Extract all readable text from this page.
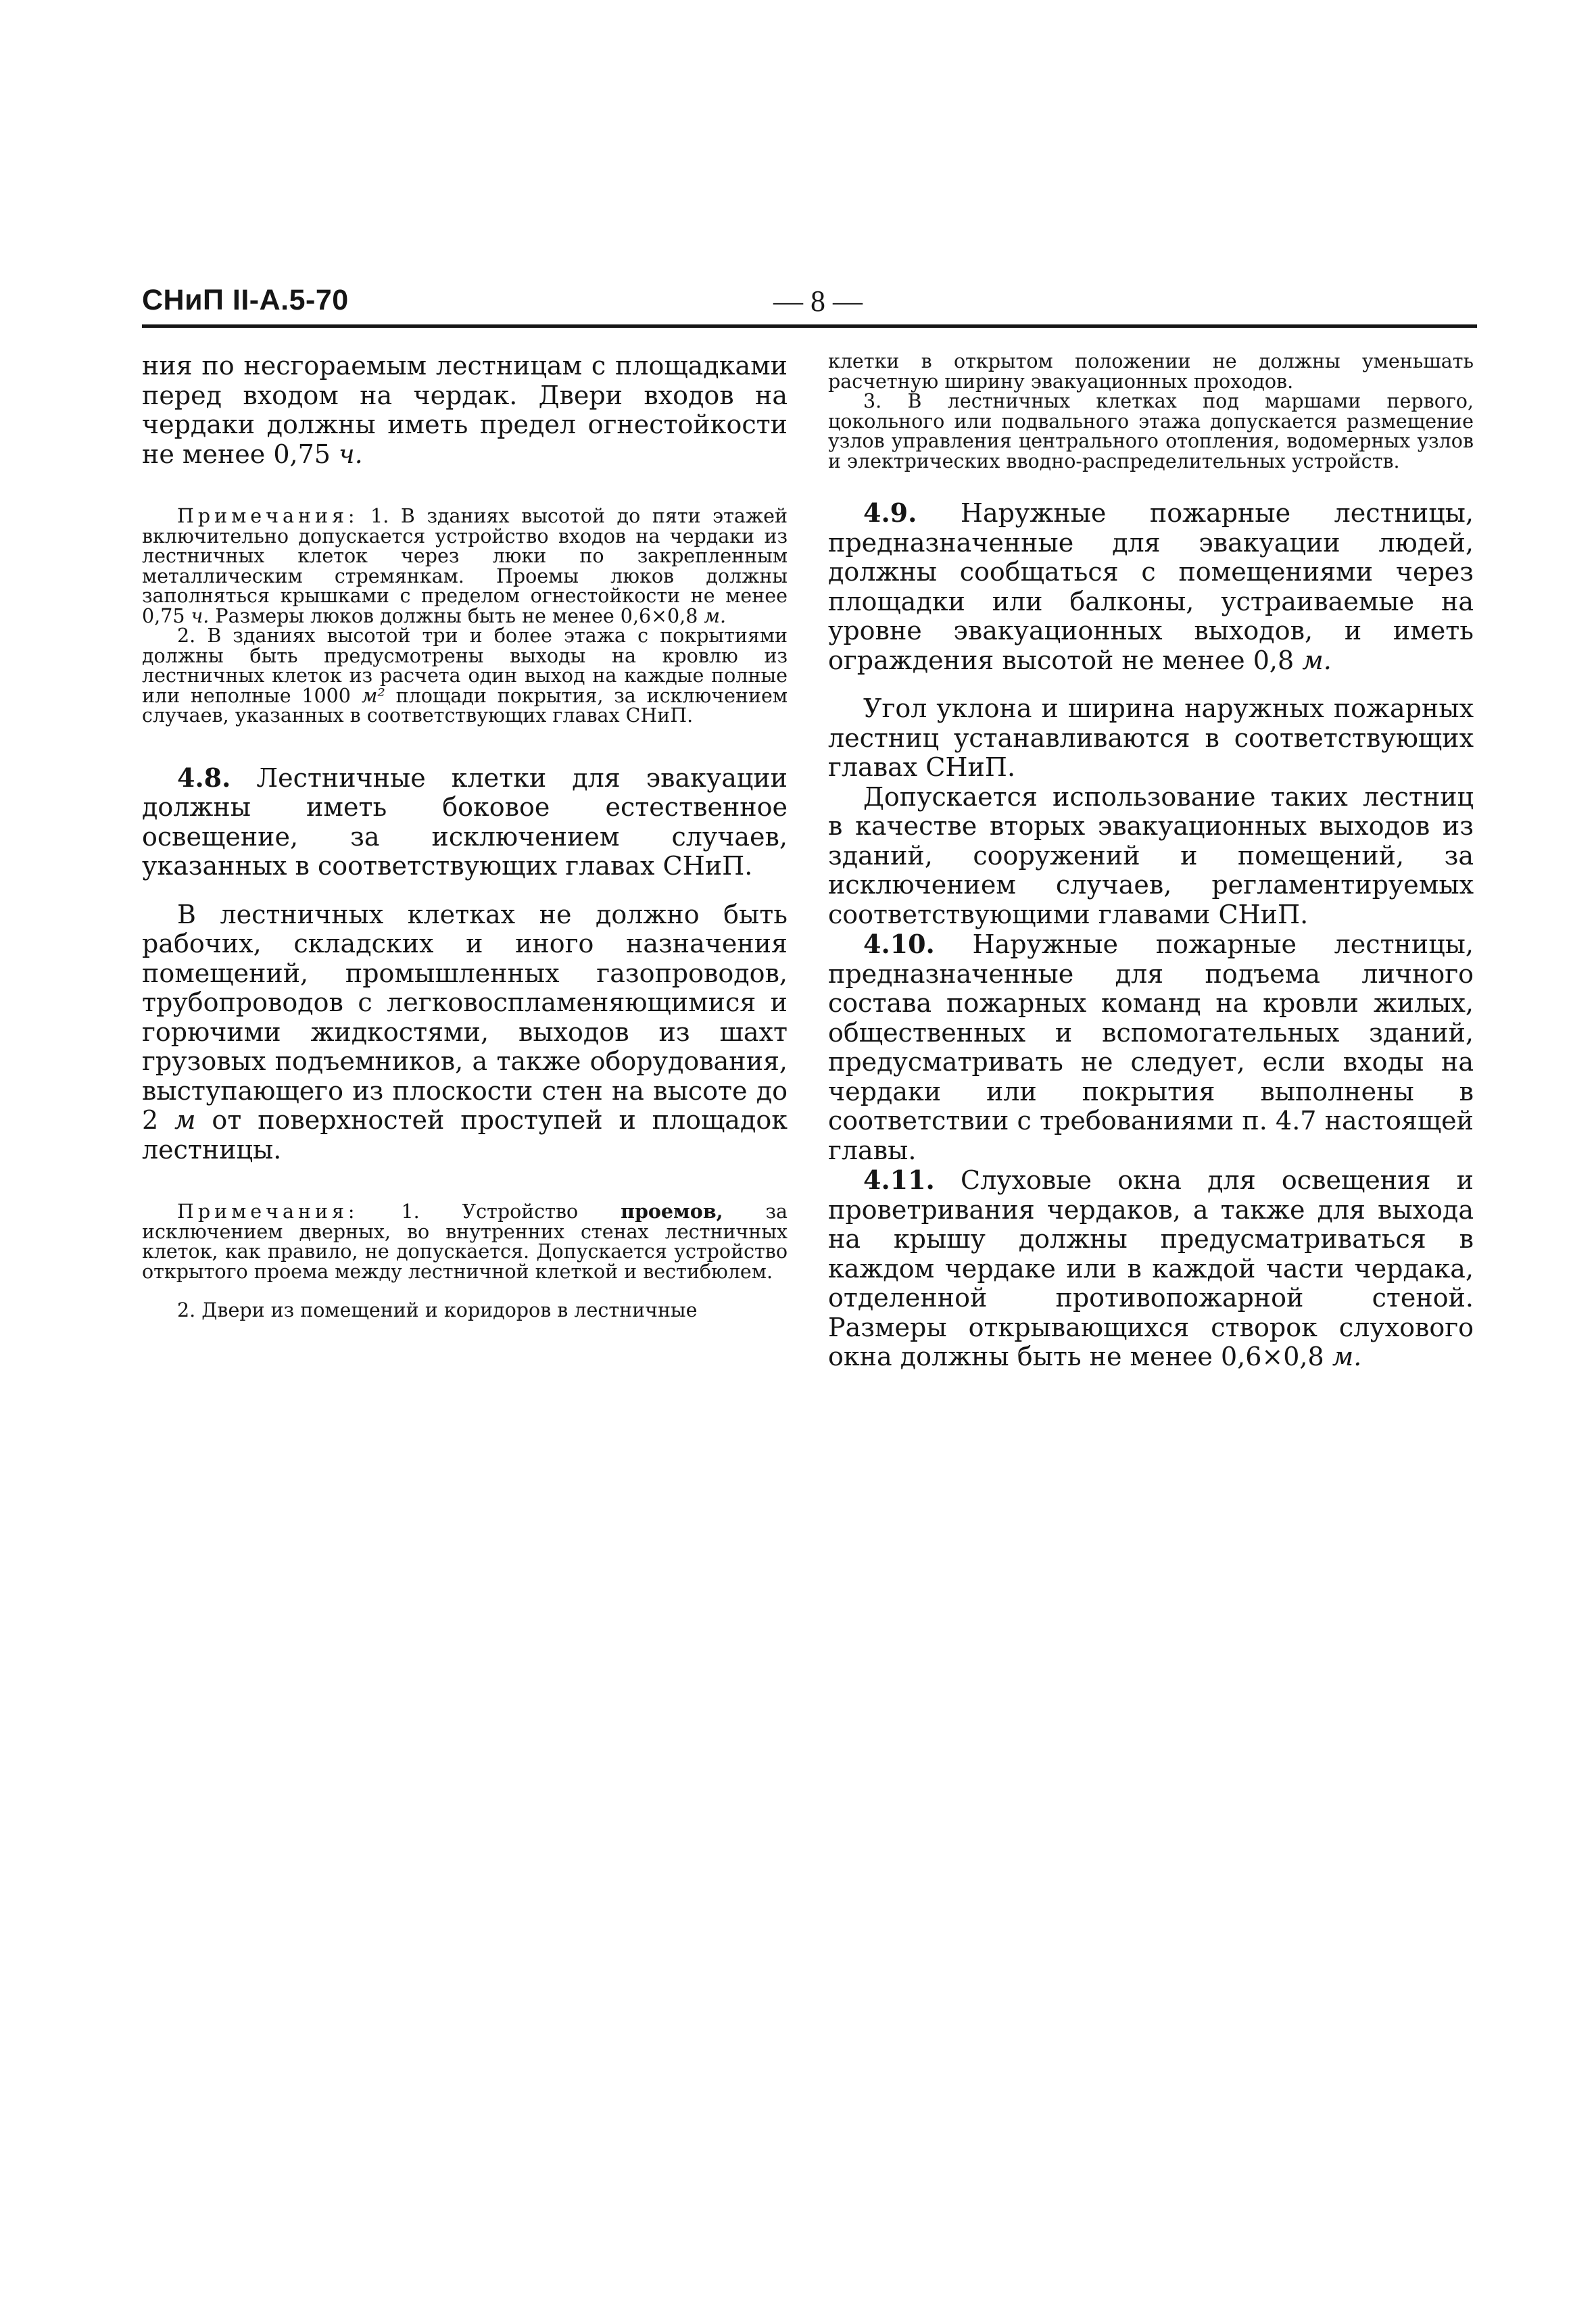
СНиП II-А.5-70	— 8 —

ния по несгораемым лестницам с площадками перед входом на чердак. Двери входов на чердаки должны иметь предел огнестойкости не менее 0,75 ч.

Примечания: 1. В зданиях высотой до пяти этажей включительно допускается устройство входов на чердаки из лестничных клеток через люки по закрепленным металлическим стремянкам. Проемы люков должны заполняться крышками с пределом огнестойкости не менее 0,75 ч. Размеры люков должны быть не менее 0,6×0,8 м.

2. В зданиях высотой три и более этажа с покрытиями должны быть предусмотрены выходы на кровлю из лестничных клеток из расчета один выход на каждые полные или неполные 1000 м² площади покрытия, за исключением случаев, указанных в соответствующих главах СНиП.

4.8. Лестничные клетки для эвакуации должны иметь боковое естественное освещение, за исключением случаев, указанных в соответствующих главах СНиП.

В лестничных клетках не должно быть рабочих, складских и иного назначения помещений, промышленных газопроводов, трубопроводов с легковоспламеняющимися и горючими жидкостями, выходов из шахт грузовых подъемников, а также оборудования, выступающего из плоскости стен на высоте до 2 м от поверхностей проступей и площадок лестницы.

Примечания: 1. Устройство проемов, за исключением дверных, во внутренних стенах лестничных клеток, как правило, не допускается. Допускается устройство открытого проема между лестничной клеткой и вестибюлем.

2. Двери из помещений и коридоров в лестничные

клетки в открытом положении не должны уменьшать расчетную ширину эвакуационных проходов.

3. В лестничных клетках под маршами первого, цокольного или подвального этажа допускается размещение узлов управления центрального отопления, водомерных узлов и электрических вводно-распределительных устройств.

4.9. Наружные пожарные лестницы, предназначенные для эвакуации людей, должны сообщаться с помещениями через площадки или балконы, устраиваемые на уровне эвакуационных выходов, и иметь ограждения высотой не менее 0,8 м.

Угол уклона и ширина наружных пожарных лестниц устанавливаются в соответствующих главах СНиП.

Допускается использование таких лестниц в качестве вторых эвакуационных выходов из зданий, сооружений и помещений, за исключением случаев, регламентируемых соответствующими главами СНиП.

4.10. Наружные пожарные лестницы, предназначенные для подъема личного состава пожарных команд на кровли жилых, общественных и вспомогательных зданий, предусматривать не следует, если входы на чердаки или покрытия выполнены в соответствии с требованиями п. 4.7 настоящей главы.

4.11. Слуховые окна для освещения и проветривания чердаков, а также для выхода на крышу должны предусматриваться в каждом чердаке или в каждой части чердака, отделенной противопожарной стеной. Размеры открывающихся створок слухового окна должны быть не менее 0,6×0,8 м.
